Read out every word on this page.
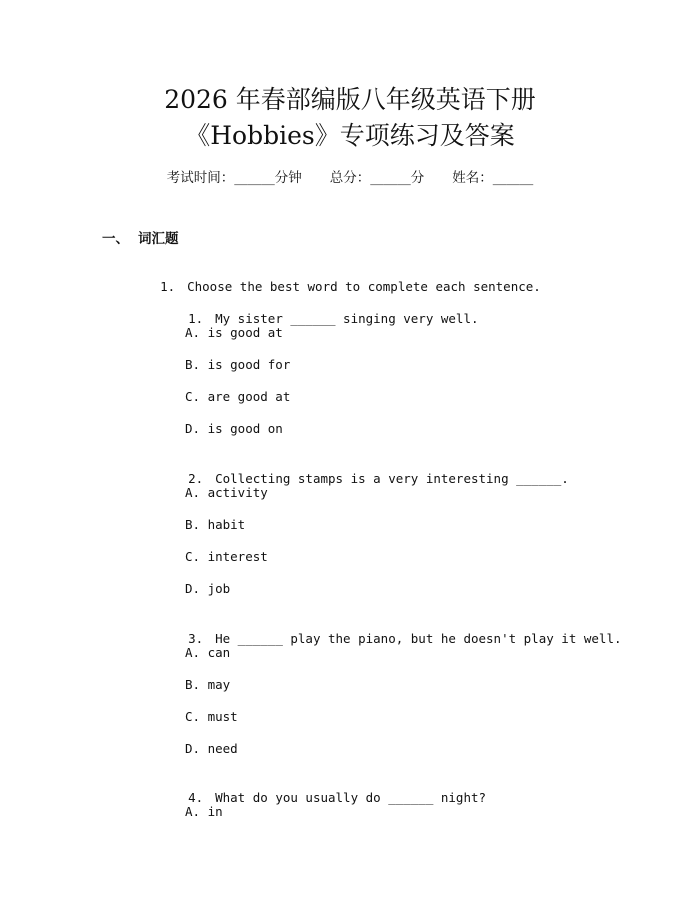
2026 年春部编版八年级英语下册
《Hobbies》专项练习及答案
考试时间：______分钟 总分：______分 姓名：______
一、 词汇题

1. Choose the best word to complete each sentence.

1. My sister ______ singing very well.

A. is good at
B. is good for
C. are good at
D. is good on

2. Collecting stamps is a very interesting ______.

A. activity
B. habit
C. interest
D. job

3. He ______ play the piano, but he doesn't play it well.

A. can
B. may
C. must
D. need

4. What do you usually do ______ night?

A. in
